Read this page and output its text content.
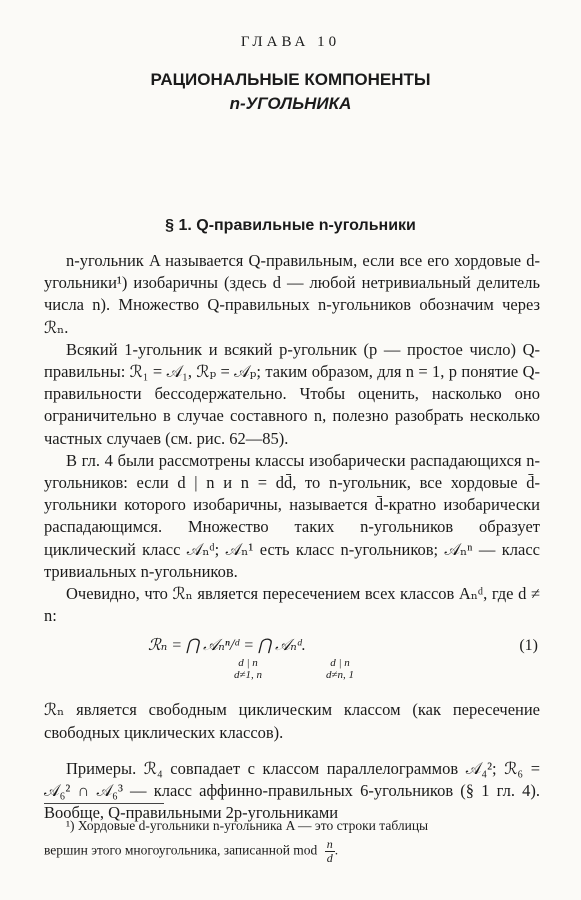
ГЛАВА 10
РАЦИОНАЛЬНЫЕ КОМПОНЕНТЫ
n-УГОЛЬНИКА
§ 1. Q-правильные n-угольники

n-угольник A называется Q-правильным, если все его хордовые d-угольники¹) изобаричны (здесь d — любой нетривиальный делитель числа n). Множество Q-правильных n-угольников обозначим через ℛₙ.

Всякий 1-угольник и всякий p-угольник (p — простое число) Q-правильны: ℛ₁ = 𝒜₁, ℛₚ = 𝒜ₚ; таким образом, для n = 1, p понятие Q-правильности бессодержательно. Чтобы оценить, насколько оно ограничительно в случае составного n, полезно разобрать несколько частных случаев (см. рис. 62—85).

В гл. 4 были рассмотрены классы изобарически распадающихся n-угольников: если d | n и n = dd̄, то n-угольник, все хордовые d̄-угольники которого изобаричны, называется d̄-кратно изобарически распадающимся. Множество таких n-угольников образует циклический класс 𝒜ₙᵈ; 𝒜ₙ¹ есть класс n-угольников; 𝒜ₙⁿ — класс тривиальных n-угольников.

Очевидно, что ℛₙ является пересечением всех классов Aₙᵈ, где d ≠ n:

ℛₙ = ⋂ 𝒜ₙⁿ/ᵈ = ⋂ 𝒜ₙᵈ.
d | n
d≠1, n
d | n
d≠n, 1
(1)

ℛₙ является свободным циклическим классом (как пересечение свободных циклических классов).

Примеры. ℛ₄ совпадает с классом параллелограммов 𝒜₄²; ℛ₆ = 𝒜₆² ∩ 𝒜₆³ — класс аффинно-правильных 6-угольников (§ 1 гл. 4). Вообще, Q-правильными 2p-угольниками

¹) Хордовые d-угольники n-угольника A — это строки таблицы
вершин этого многоугольника, записанной mod $\frac{n}{d}$.
